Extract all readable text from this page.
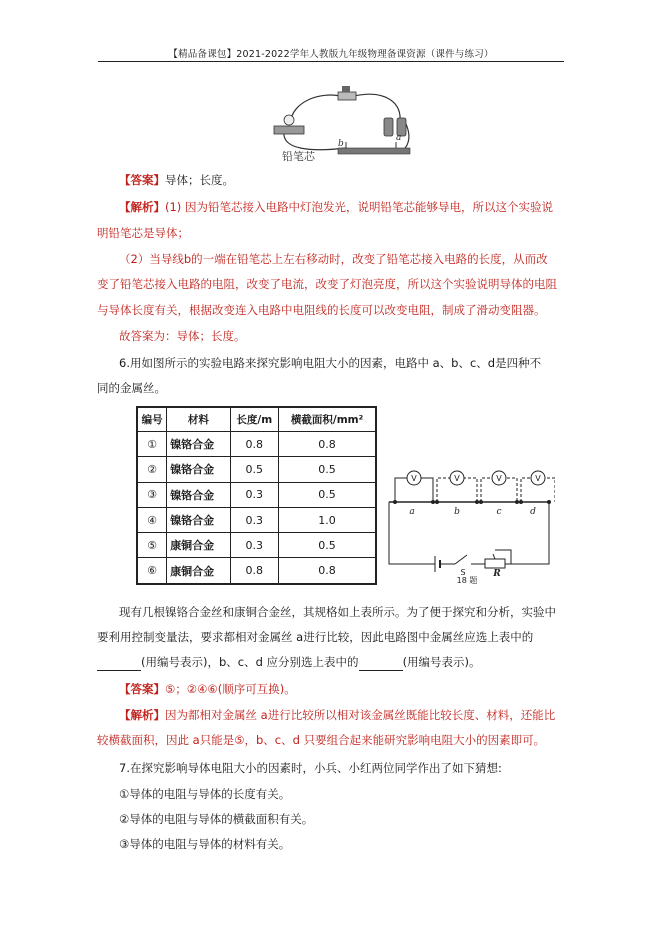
【精品备课包】2021-2022学年人教版九年级物理备课资源（课件与练习）
铅笔芯
b
a
【答案】导体；长度。
【解析】(1) 因为铅笔芯接入电路中灯泡发光，说明铅笔芯能够导电，所以这个实验说
明铅笔芯是导体；
（2）当导线b的一端在铅笔芯上左右移动时，改变了铅笔芯接入电路的长度，从而改
变了铅笔芯接入电路的电阻，改变了电流，改变了灯泡亮度，所以这个实验说明导体的电阻
与导体长度有关，根据改变连入电路中电阻线的长度可以改变电阻，制成了滑动变阻器。
故答案为：导体；长度。
6.用如图所示的实验电路来探究影响电阻大小的因素，电路中 a、b、c、d是四种不
同的金属丝。
编号	材料	长度/m	横截面积/mm²
①	镍铬合金	0.8	0.8
②	镍铬合金	0.5	0.5
③	镍铬合金	0.3	0.5
④	镍铬合金	0.3	1.0
⑤	康铜合金	0.3	0.5
⑥	康铜合金	0.8	0.8
V	V	V	V
a	b	c	d
R
S
18 题
现有几根镍铬合金丝和康铜合金丝，其规格如上表所示。为了便于探究和分析，实验中
要利用控制变量法，要求都相对金属丝 a进行比较，因此电路图中金属丝应选上表中的
(用编号表示)，b、c、d 应分别选上表中的	(用编号表示)。
【答案】⑤；②④⑥(顺序可互换)。
【解析】因为都相对金属丝 a进行比较所以相对该金属丝既能比较长度、材料，还能比
较横截面积，因此 a只能是⑤，b、c、d 只要组合起来能研究影响电阻大小的因素即可。
7.在探究影响导体电阻大小的因素时，小兵、小红两位同学作出了如下猜想:
①导体的电阻与导体的长度有关。
②导体的电阻与导体的横截面积有关。
③导体的电阻与导体的材料有关。
